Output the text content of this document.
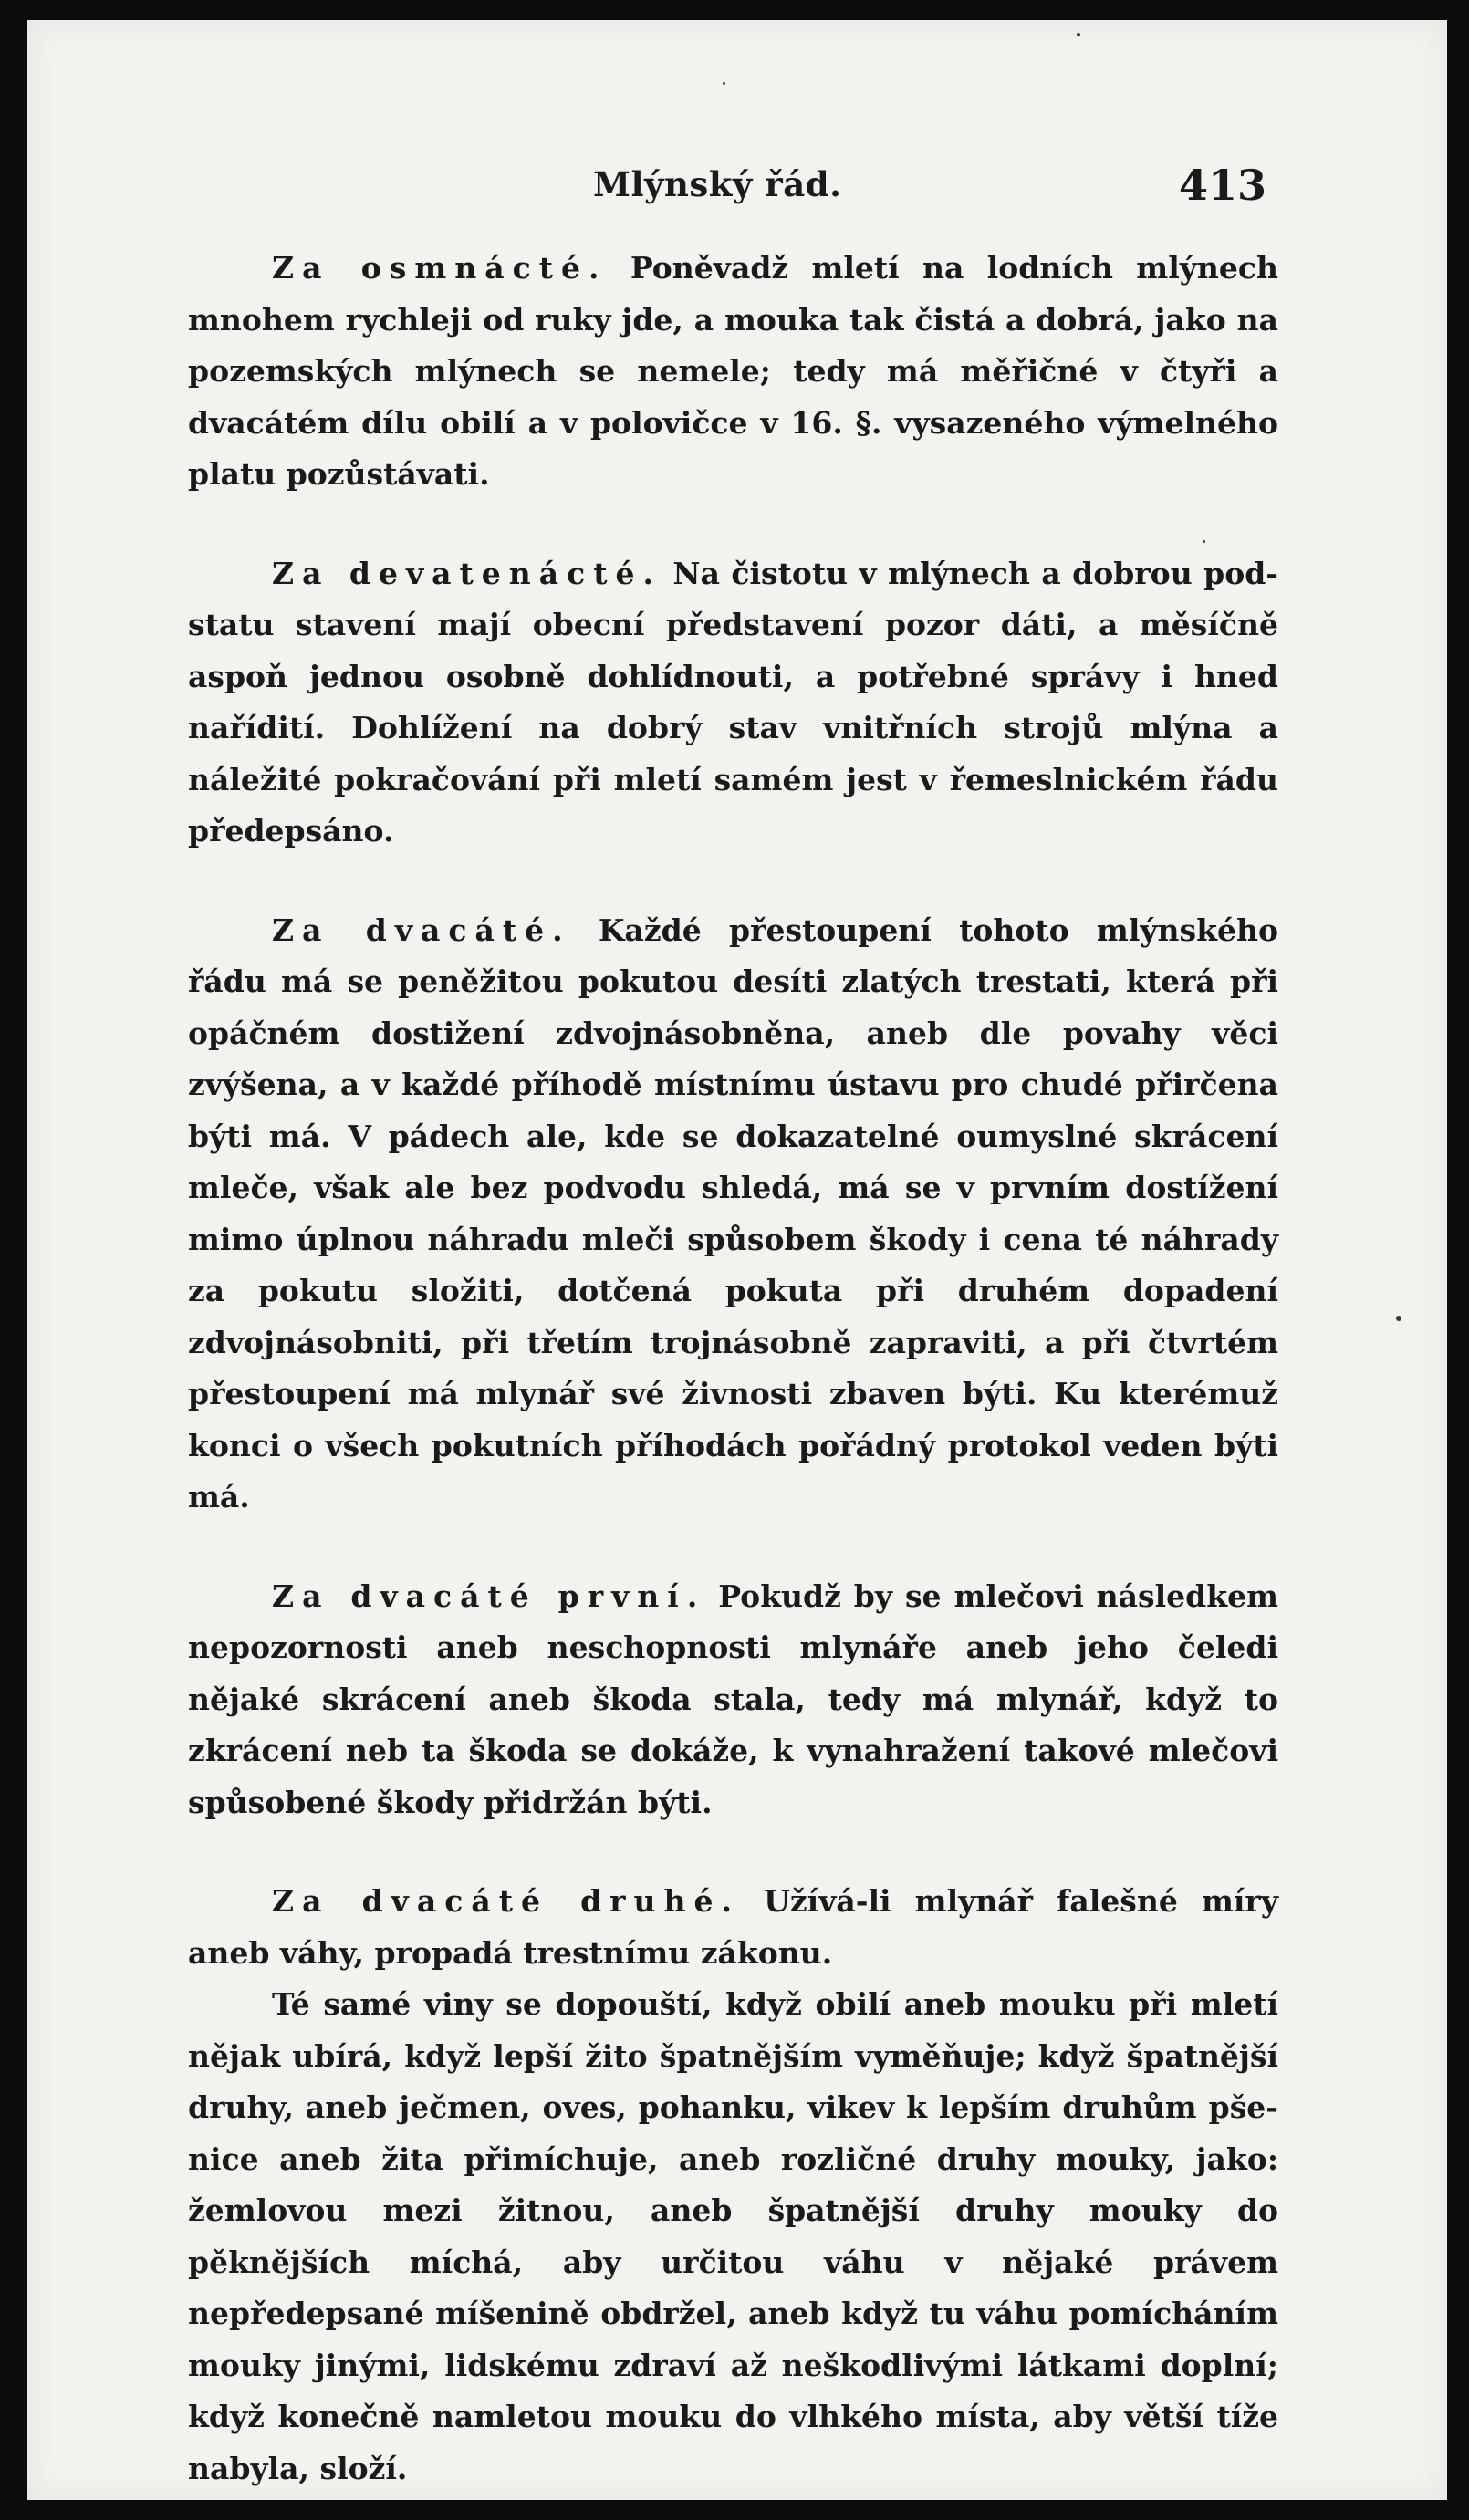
Mlýnský řád.	413

Za osmnácté. Poněvadž mletí na lodních mlýnech mnohem rychleji od ruky jde, a mouka tak čistá a dobrá, jako na pozemských mlýnech se nemele; tedy má měřičné v čtyři a dvacátém dílu obilí a v polovičce v 16. §. vysazeného výmelného platu pozůstávati.

Za devatenácté. Na čistotu v mlýnech a dobrou podstatu stavení mají obecní představení pozor dáti, a měsíčně aspoň jednou osobně dohlídnouti, a potřebné správy i hned nařídití. Dohlížení na dobrý stav vnitřních strojů mlýna a náležité pokračování při mletí samém jest v řemeslnickém řádu předepsáno.

Za dvacáté. Každé přestoupení tohoto mlýnského řádu má se peněžitou pokutou desíti zlatých trestati, která při opáčném dostižení zdvojnásobněna, aneb dle povahy věci zvýšena, a v každé příhodě místnímu ústavu pro chudé přirčena býti má. V pádech ale, kde se dokazatelné oumyslné skrácení mleče, však ale bez podvodu shledá, má se v prvním dostížení mimo úplnou náhradu mleči spůsobem škody i cena té náhrady za pokutu složiti, dotčená pokuta při druhém dopadení zdvojnásobniti, při třetím trojnásobně zapraviti, a při čtvrtém přestoupení má mlynář své živnosti zbaven býti. Ku kterémuž konci o všech pokutních příhodách pořádný protokol veden býti má.

Za dvacáté první. Pokudž by se mlečovi následkem nepozornosti aneb neschopnosti mlynáře aneb jeho čeledi nějaké skrácení aneb škoda stala, tedy má mlynář, když to zkrácení neb ta škoda se dokáže, k vynahražení takové mlečovi spůsobené škody přidržán býti.

Za dvacáté druhé. Užívá-li mlynář falešné míry aneb váhy, propadá trestnímu zákonu.

Té samé viny se dopouští, když obilí aneb mouku při mletí nějak ubírá, když lepší žito špatnějším vyměňuje; když špatnější druhy, aneb ječmen, oves, pohanku, vikev k lepším druhům pšenice aneb žita přimíchuje, aneb rozličné druhy mouky, jako: žemlovou mezi žitnou, aneb špatnější druhy mouky do pěknějších míchá, aby určitou váhu v nějaké právem nepředepsané míšenině obdržel, aneb když tu váhu pomícháním mouky jinými, lidskému zdraví až neškodlivými látkami doplní; když konečně namletou mouku do vlhkého místa, aby větší tíže nabyla, složí.
